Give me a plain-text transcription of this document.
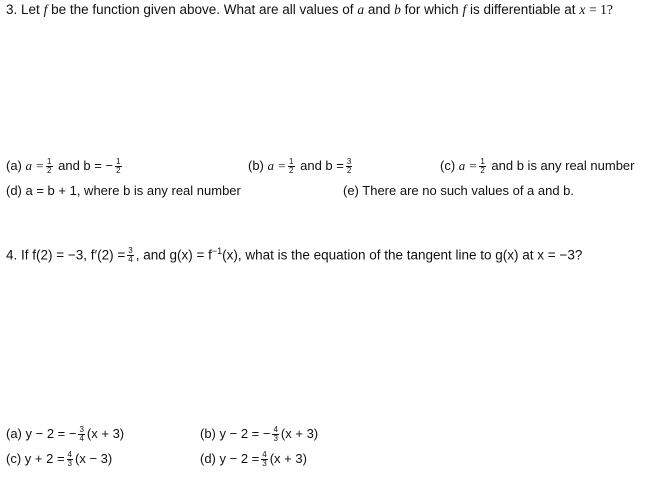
3. Let f be the function given above. What are all values of a and b for which f is differentiable at x = 1?
(a) $a = \frac{1}{2}$ and b = − $\frac{1}{2}$	(b) $a = \frac{1}{2}$ and $b = \frac{3}{2}$	(c) $a = \frac{1}{2}$ and b is any real number
(d) a = b + 1, where b is any real number	(e) There are no such values of a and b.
4. If f(2) = −3, $f'(2) = \frac{3}{4}$ , and $g(x) = f^{-1}(x)$, what is the equation of the tangent line to g(x) at x = −3?
(a) y − 2 = − $\frac{3}{4} (x + 3)$	(b) y − 2 = − $\frac{4}{3} (x + 3)$
(c) $y + 2 = \frac{4}{3} (x - 3)$	(d) $y - 2 = \frac{4}{3} (x + 3)$
